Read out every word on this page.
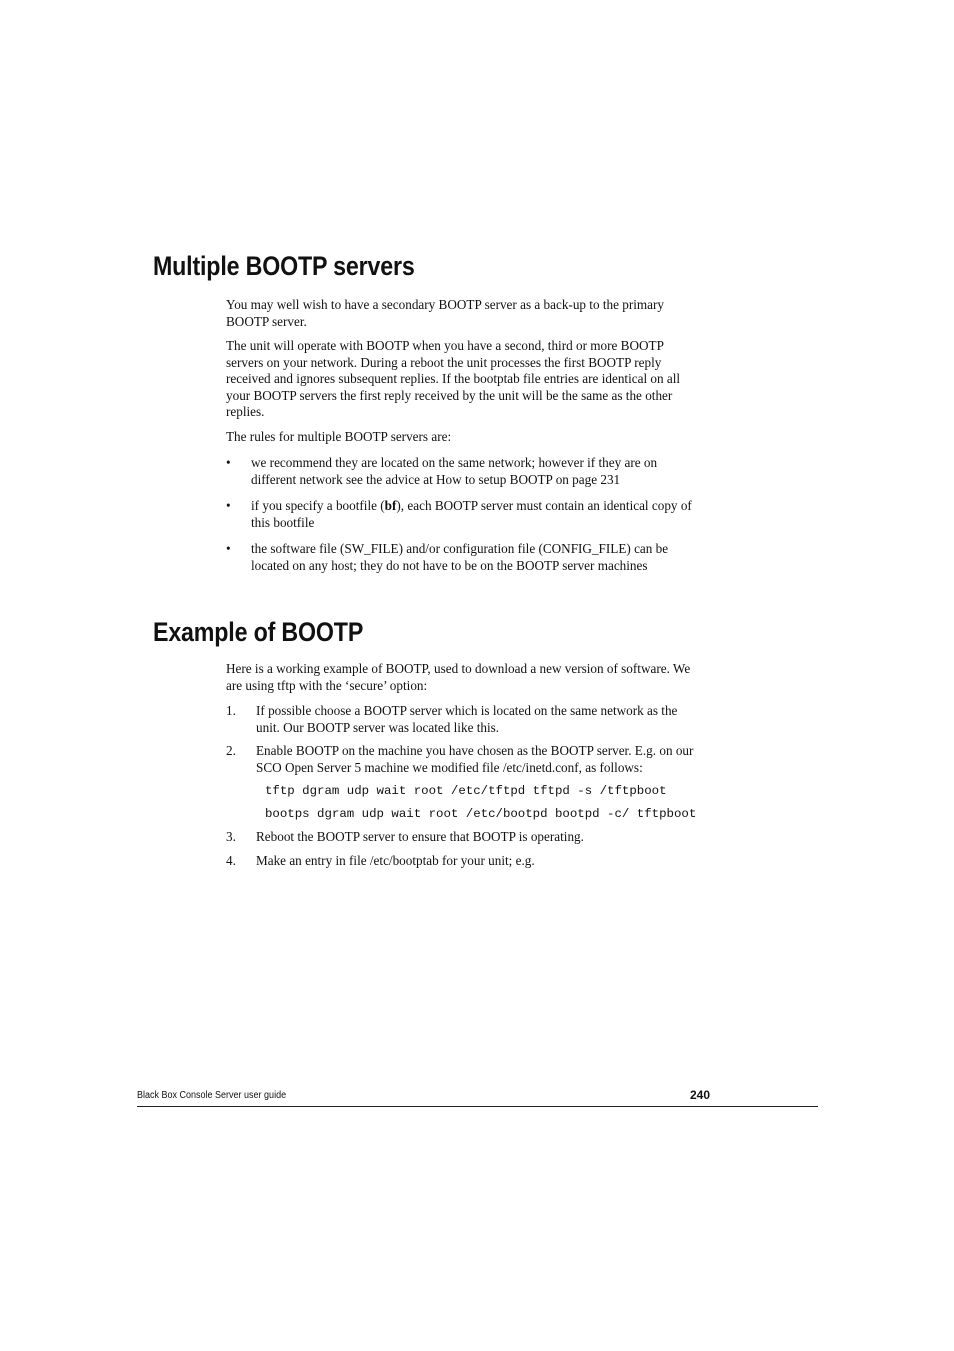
Multiple BOOTP servers

You may well wish to have a secondary BOOTP server as a back-up to the primary BOOTP server.

The unit will operate with BOOTP when you have a second, third or more BOOTP servers on your network. During a reboot the unit processes the first BOOTP reply received and ignores subsequent replies. If the bootptab file entries are identical on all your BOOTP servers the first reply received by the unit will be the same as the other replies.

The rules for multiple BOOTP servers are:

• we recommend they are located on the same network; however if they are on different network see the advice at How to setup BOOTP on page 231
• if you specify a bootfile (bf), each BOOTP server must contain an identical copy of this bootfile
• the software file (SW_FILE) and/or configuration file (CONFIG_FILE) can be located on any host; they do not have to be on the BOOTP server machines
Example of BOOTP

Here is a working example of BOOTP, used to download a new version of software. We are using tftp with the ‘secure’ option:

1. If possible choose a BOOTP server which is located on the same network as the unit. Our BOOTP server was located like this.
2. Enable BOOTP on the machine you have chosen as the BOOTP server. E.g. on our SCO Open Server 5 machine we modified file /etc/inetd.conf, as follows:
tftp dgram udp wait root /etc/tftpd tftpd -s /tftpboot
bootps dgram udp wait root /etc/bootpd bootpd -c/ tftpboot
3. Reboot the BOOTP server to ensure that BOOTP is operating.
4. Make an entry in file /etc/bootptab for your unit; e.g.
Black Box Console Server user guide	240
